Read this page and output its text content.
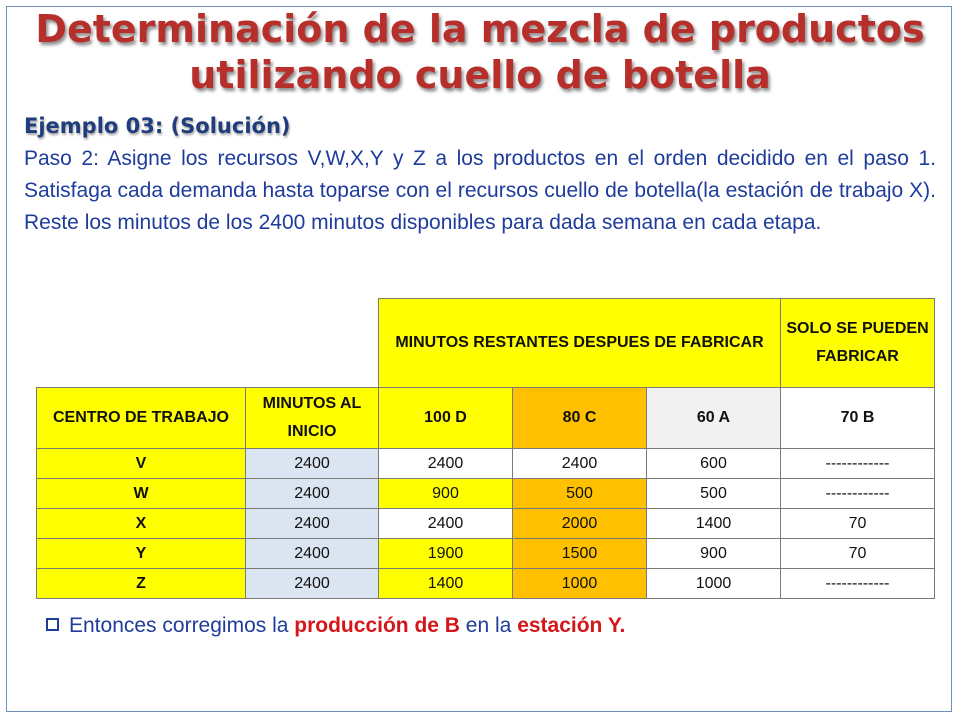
Determinación de la mezcla de productos
utilizando cuello de botella
Ejemplo 03: (Solución)
Paso 2: Asigne los recursos V,W,X,Y y Z a los productos en el orden decidido en el paso 1. Satisfaga cada demanda hasta toparse con el recursos cuello de botella(la estación de trabajo X). Reste los minutos de los 2400 minutos disponibles para dada semana en cada etapa.
		MINUTOS RESTANTES DESPUES DE FABRICAR			SOLO SE PUEDEN FABRICAR
CENTRO DE TRABAJO	MINUTOS AL INICIO	100 D	80 C	60 A	70 B
V	2400	2400	2400	600	------------
W	2400	900	500	500	------------
X	2400	2400	2000	1400	70
Y	2400	1900	1500	900	70
Z	2400	1400	1000	1000	------------
Entonces corregimos la producción de B en la estación Y.
